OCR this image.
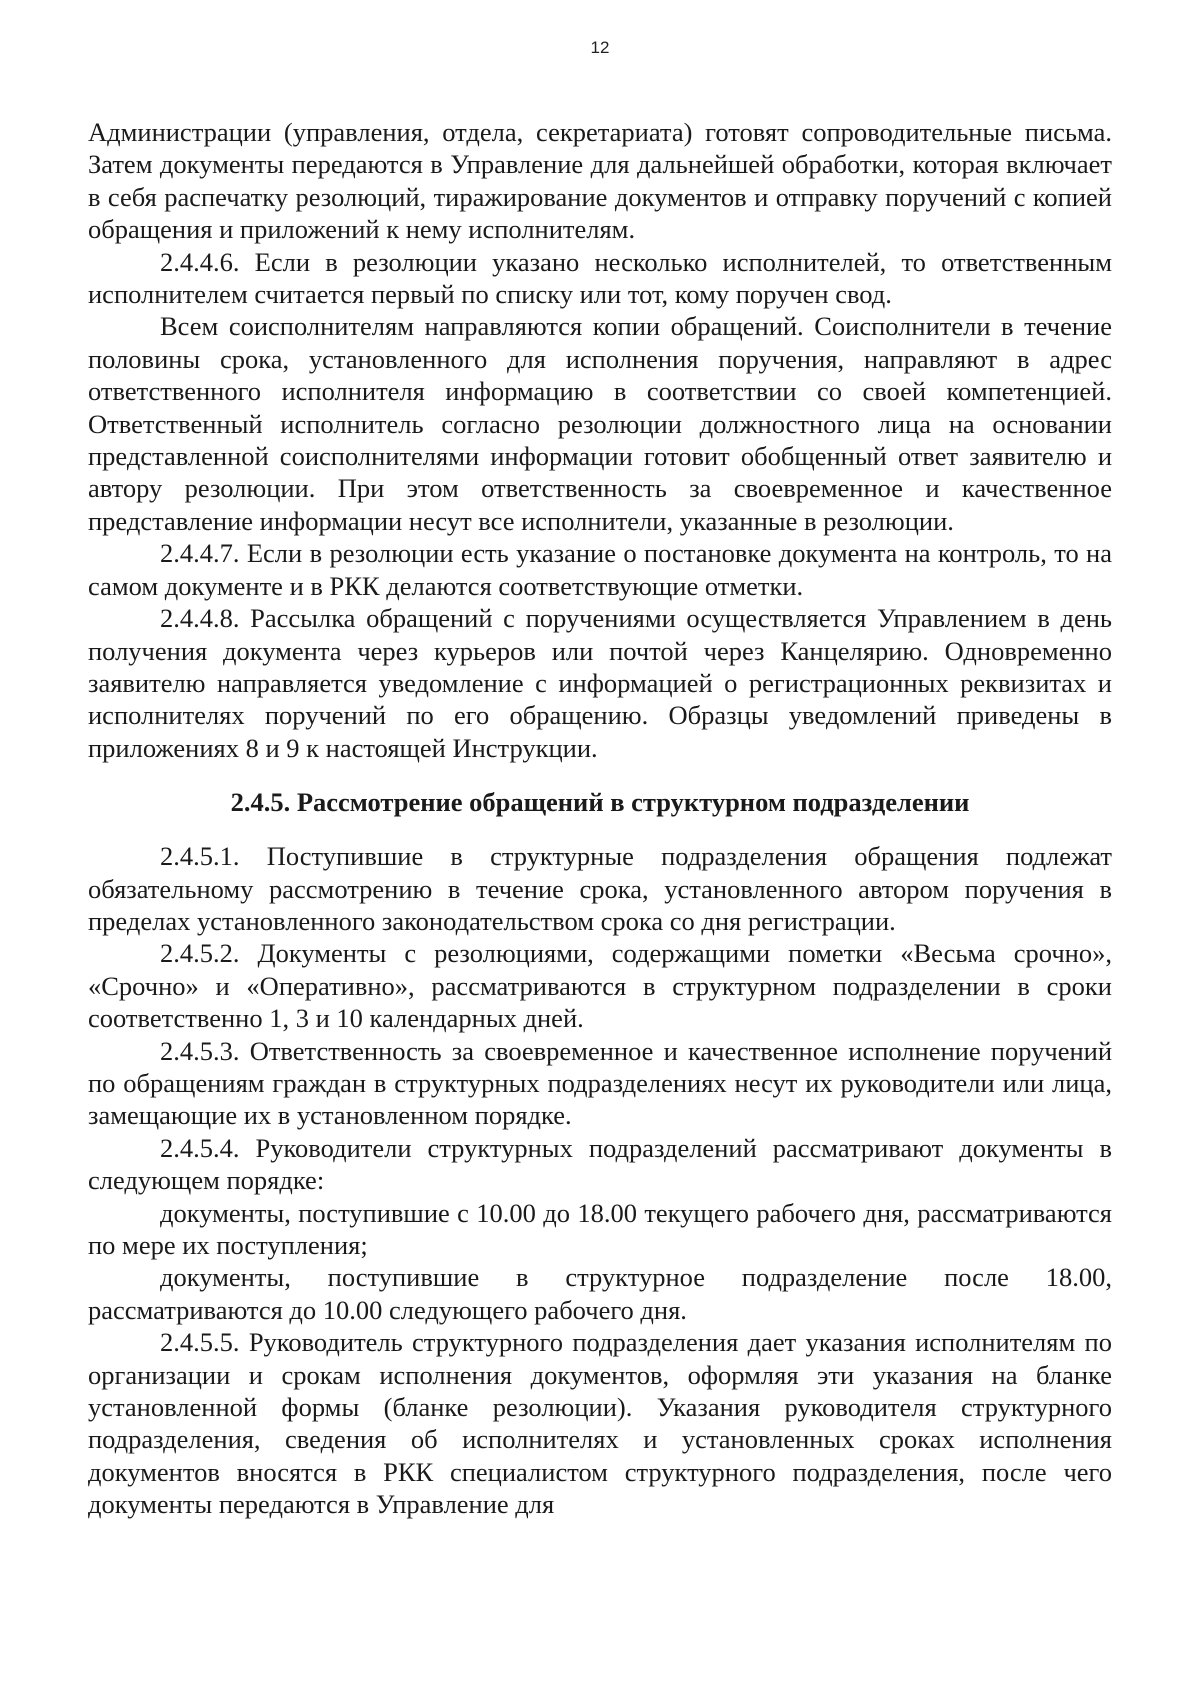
12

Администрации (управления, отдела, секретариата) готовят сопроводительные письма. Затем документы передаются в Управление для дальнейшей обработки, которая включает в себя распечатку резолюций, тиражирование документов и отправку поручений с копией обращения и приложений к нему исполнителям.

2.4.4.6. Если в резолюции указано несколько исполнителей, то ответственным исполнителем считается первый по списку или тот, кому поручен свод.

Всем соисполнителям направляются копии обращений. Соисполнители в течение половины срока, установленного для исполнения поручения, направляют в адрес ответственного исполнителя информацию в соответствии со своей компетенцией. Ответственный исполнитель согласно резолюции должностного лица на основании представленной соисполнителями информации готовит обобщенный ответ заявителю и автору резолюции. При этом ответственность за своевременное и качественное представление информации несут все исполнители, указанные в резолюции.

2.4.4.7. Если в резолюции есть указание о постановке документа на контроль, то на самом документе и в РКК делаются соответствующие отметки.

2.4.4.8. Рассылка обращений с поручениями осуществляется Управлением в день получения документа через курьеров или почтой через Канцелярию. Одновременно заявителю направляется уведомление с информацией о регистрационных реквизитах и исполнителях поручений по его обращению. Образцы уведомлений приведены в приложениях 8 и 9 к настоящей Инструкции.

2.4.5. Рассмотрение обращений в структурном подразделении

2.4.5.1. Поступившие в структурные подразделения обращения подлежат обязательному рассмотрению в течение срока, установленного автором поручения в пределах установленного законодательством срока со дня регистрации.

2.4.5.2. Документы с резолюциями, содержащими пометки «Весьма срочно», «Срочно» и «Оперативно», рассматриваются в структурном подразделении в сроки соответственно 1, 3 и 10 календарных дней.

2.4.5.3. Ответственность за своевременное и качественное исполнение поручений по обращениям граждан в структурных подразделениях несут их руководители или лица, замещающие их в установленном порядке.

2.4.5.4. Руководители структурных подразделений рассматривают документы в следующем порядке:

документы, поступившие с 10.00 до 18.00 текущего рабочего дня, рассматриваются по мере их поступления;

документы, поступившие в структурное подразделение после 18.00, рассматриваются до 10.00 следующего рабочего дня.

2.4.5.5. Руководитель структурного подразделения дает указания исполнителям по организации и срокам исполнения документов, оформляя эти указания на бланке установленной формы (бланке резолюции). Указания руководителя структурного подразделения, сведения об исполнителях и установленных сроках исполнения документов вносятся в РКК специалистом структурного подразделения, после чего документы передаются в Управление для
